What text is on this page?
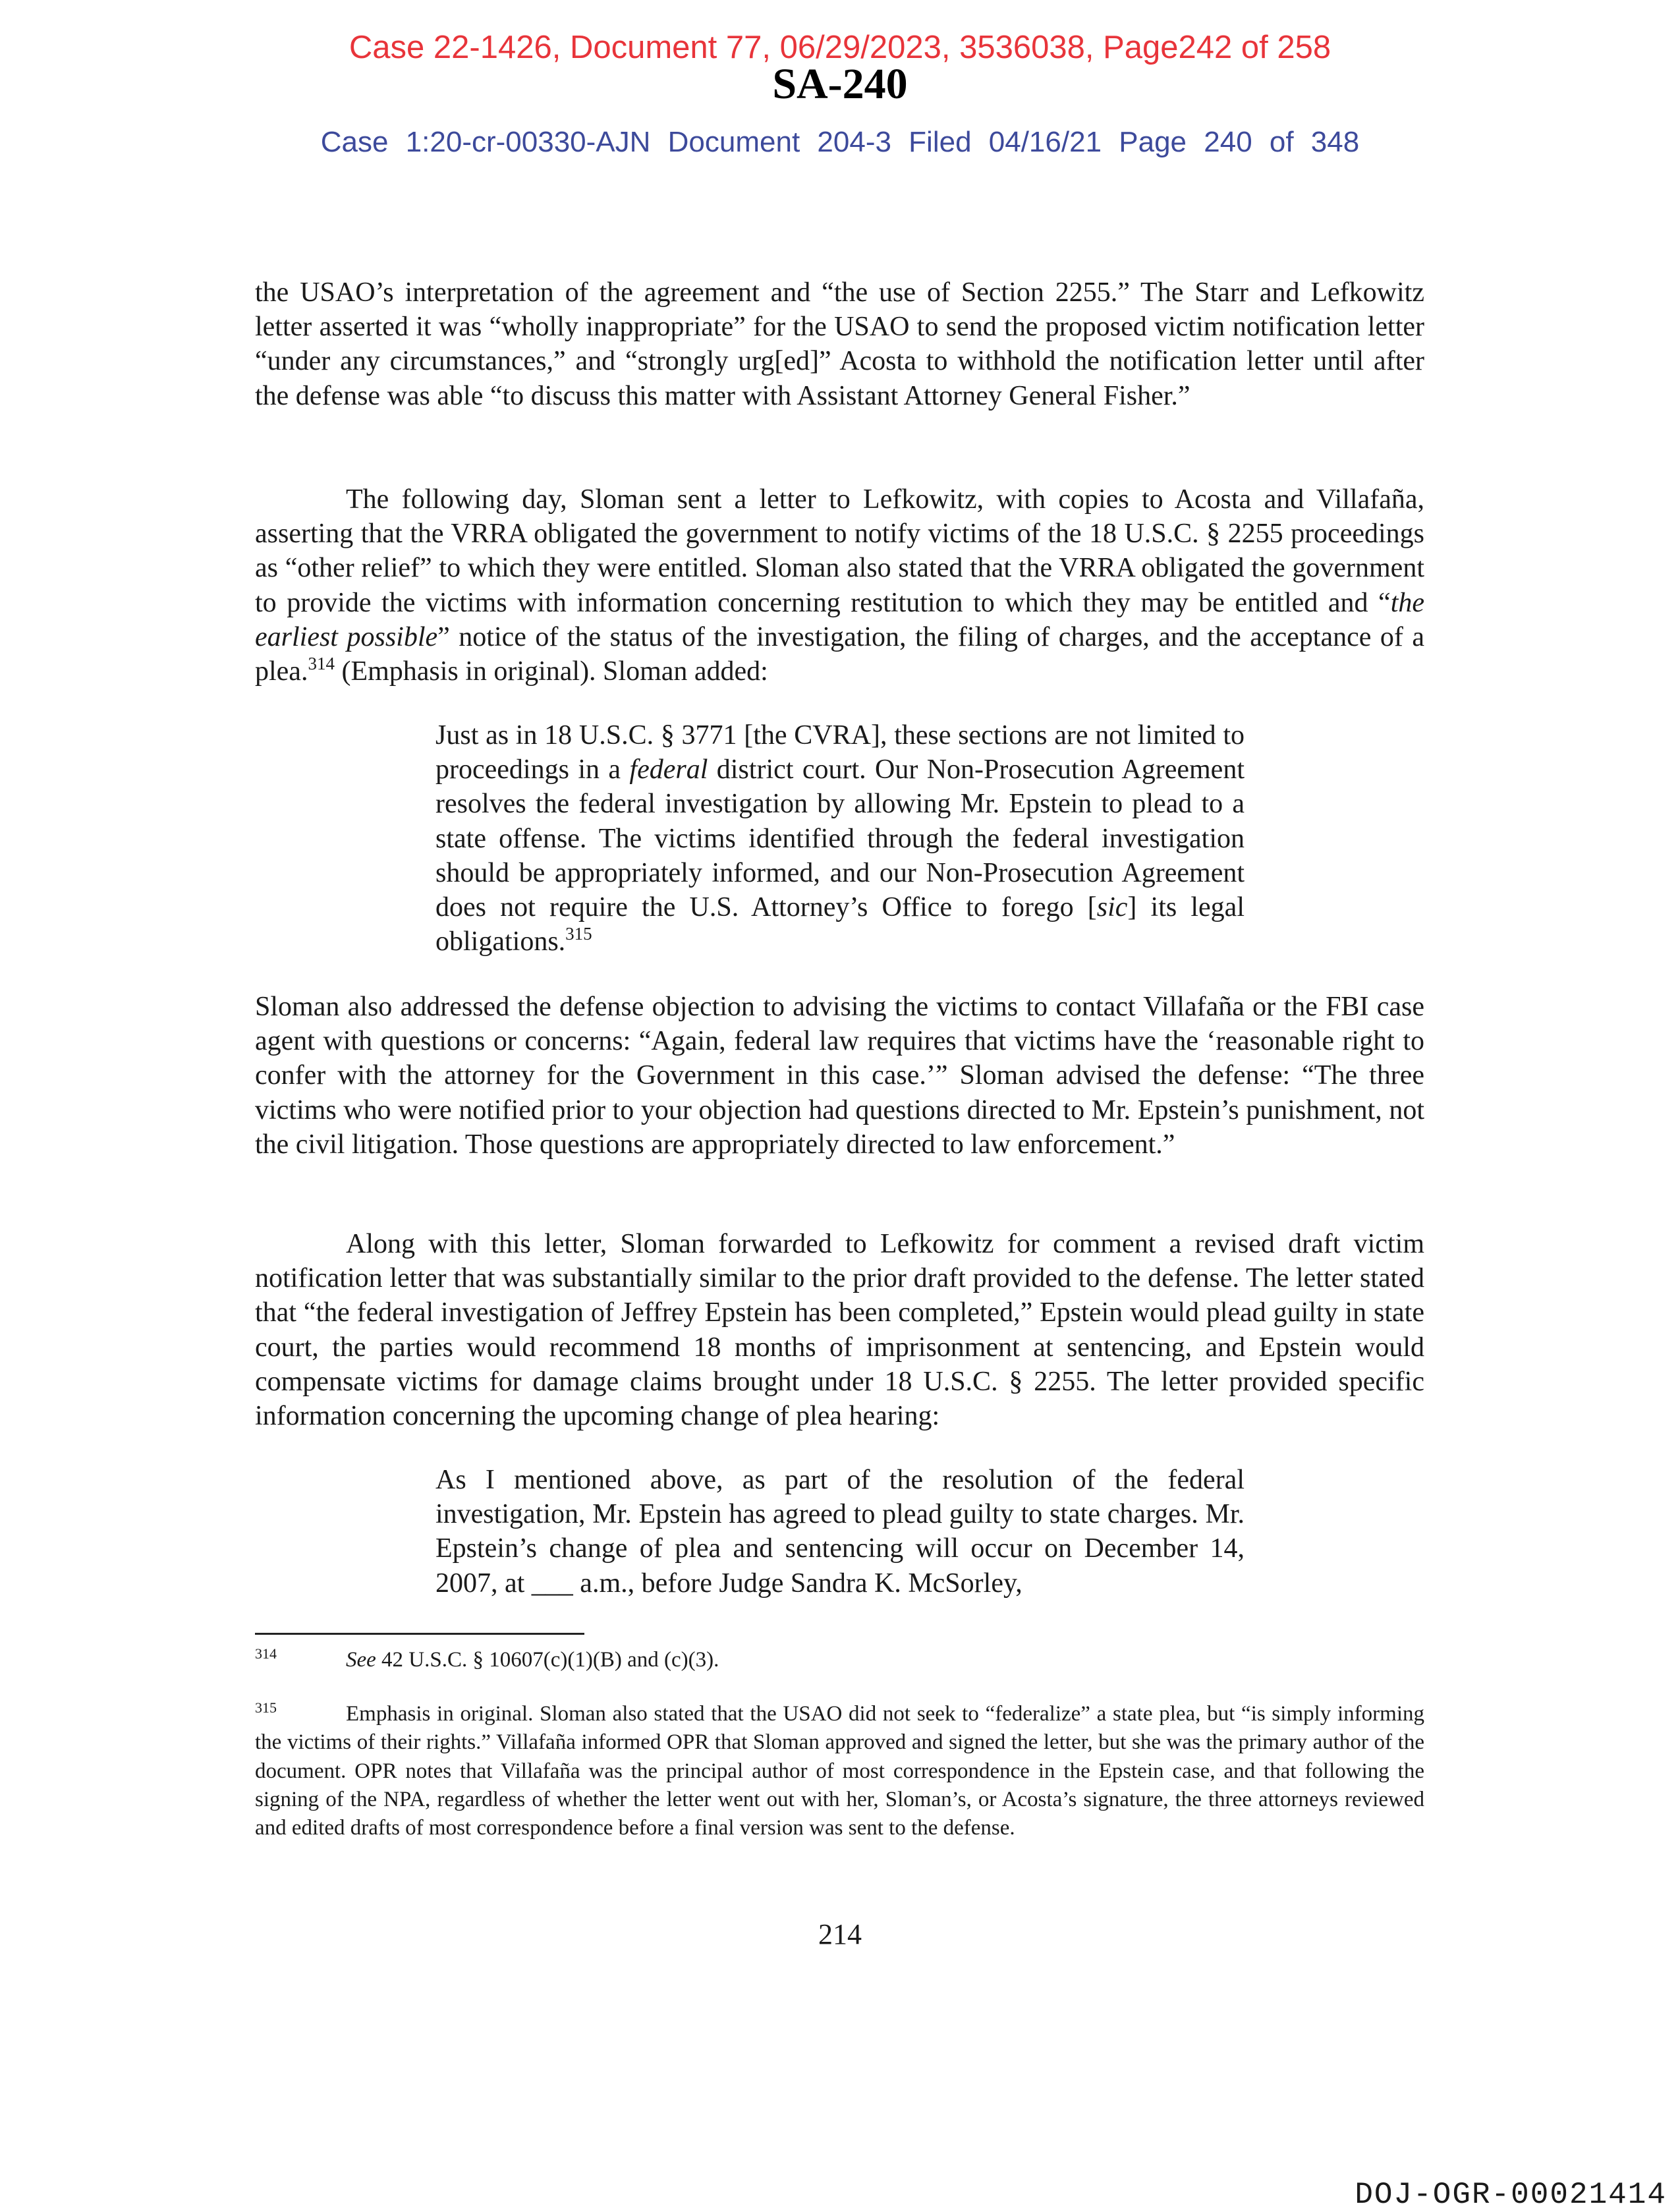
Case 22-1426, Document 77, 06/29/2023, 3536038, Page242 of 258
SA-240
Case 1:20-cr-00330-AJN Document 204-3 Filed 04/16/21 Page 240 of 348

the USAO’s interpretation of the agreement and “the use of Section 2255.” The Starr and Lefkowitz letter asserted it was “wholly inappropriate” for the USAO to send the proposed victim notification letter “under any circumstances,” and “strongly urg[ed]” Acosta to withhold the notification letter until after the defense was able “to discuss this matter with Assistant Attorney General Fisher.”

The following day, Sloman sent a letter to Lefkowitz, with copies to Acosta and Villafaña, asserting that the VRRA obligated the government to notify victims of the 18 U.S.C. § 2255 proceedings as “other relief” to which they were entitled. Sloman also stated that the VRRA obligated the government to provide the victims with information concerning restitution to which they may be entitled and “the earliest possible” notice of the status of the investigation, the filing of charges, and the acceptance of a plea.$^{314}$ (Emphasis in original). Sloman added:

Just as in 18 U.S.C. § 3771 [the CVRA], these sections are not limited to proceedings in a federal district court. Our Non-Prosecution Agreement resolves the federal investigation by allowing Mr. Epstein to plead to a state offense. The victims identified through the federal investigation should be appropriately informed, and our Non-Prosecution Agreement does not require the U.S. Attorney’s Office to forego [sic] its legal obligations.$^{315}$

Sloman also addressed the defense objection to advising the victims to contact Villafaña or the FBI case agent with questions or concerns: “Again, federal law requires that victims have the ‘reasonable right to confer with the attorney for the Government in this case.’” Sloman advised the defense: “The three victims who were notified prior to your objection had questions directed to Mr. Epstein’s punishment, not the civil litigation. Those questions are appropriately directed to law enforcement.”

Along with this letter, Sloman forwarded to Lefkowitz for comment a revised draft victim notification letter that was substantially similar to the prior draft provided to the defense. The letter stated that “the federal investigation of Jeffrey Epstein has been completed,” Epstein would plead guilty in state court, the parties would recommend 18 months of imprisonment at sentencing, and Epstein would compensate victims for damage claims brought under 18 U.S.C. § 2255. The letter provided specific information concerning the upcoming change of plea hearing:

As I mentioned above, as part of the resolution of the federal investigation, Mr. Epstein has agreed to plead guilty to state charges. Mr. Epstein’s change of plea and sentencing will occur on December 14, 2007, at ___ a.m., before Judge Sandra K. McSorley,

314	See 42 U.S.C. § 10607(c)(1)(B) and (c)(3).

315	Emphasis in original. Sloman also stated that the USAO did not seek to “federalize” a state plea, but “is simply informing the victims of their rights.” Villafaña informed OPR that Sloman approved and signed the letter, but she was the primary author of the document. OPR notes that Villafaña was the principal author of most correspondence in the Epstein case, and that following the signing of the NPA, regardless of whether the letter went out with her, Sloman’s, or Acosta’s signature, the three attorneys reviewed and edited drafts of most correspondence before a final version was sent to the defense.

214
DOJ-OGR-00021414
